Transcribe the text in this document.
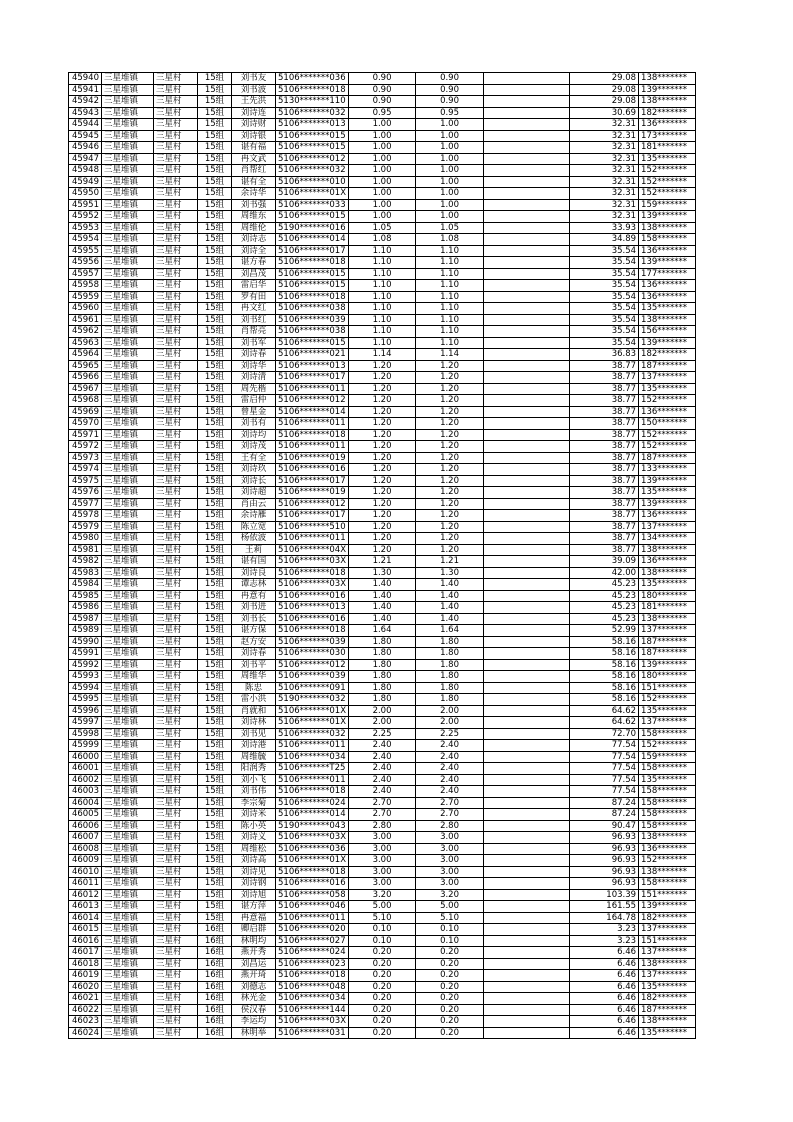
45940	三星堆镇	三星村	15组	刘书友	5106*******036	0.90	0.90		29.08	138*******
45941	三星堆镇	三星村	15组	刘书波	5106*******018	0.90	0.90		29.08	139*******
45942	三星堆镇	三星村	15组	王先洪	5130*******110	0.90	0.90		29.08	138*******
45943	三星堆镇	三星村	15组	刘诗连	5106*******032	0.95	0.95		30.69	182*******
45944	三星堆镇	三星村	15组	刘诗财	5106*******013	1.00	1.00		32.31	136*******
45945	三星堆镇	三星村	15组	刘诗银	5106*******015	1.00	1.00		32.31	173*******
45946	三星堆镇	三星村	15组	谌有福	5106*******015	1.00	1.00		32.31	181*******
45947	三星堆镇	三星村	15组	冉文武	5106*******012	1.00	1.00		32.31	135*******
45948	三星堆镇	三星村	15组	肖帮红	5106*******032	1.00	1.00		32.31	152*******
45949	三星堆镇	三星村	15组	谌有全	5106*******010	1.00	1.00		32.31	152*******
45950	三星堆镇	三星村	15组	余诗华	5106*******01X	1.00	1.00		32.31	152*******
45951	三星堆镇	三星村	15组	刘书强	5106*******033	1.00	1.00		32.31	159*******
45952	三星堆镇	三星村	15组	周维东	5106*******015	1.00	1.00		32.31	139*******
45953	三星堆镇	三星村	15组	周维伦	5190*******016	1.05	1.05		33.93	138*******
45954	三星堆镇	三星村	15组	刘诗志	5106*******014	1.08	1.08		34.89	158*******
45955	三星堆镇	三星村	15组	刘诗全	5106*******017	1.10	1.10		35.54	136*******
45956	三星堆镇	三星村	15组	谌方春	5106*******018	1.10	1.10		35.54	139*******
45957	三星堆镇	三星村	15组	刘昌茂	5106*******015	1.10	1.10		35.54	177*******
45958	三星堆镇	三星村	15组	雷启华	5106*******015	1.10	1.10		35.54	136*******
45959	三星堆镇	三星村	15组	罗有田	5106*******018	1.10	1.10		35.54	136*******
45960	三星堆镇	三星村	15组	冉文红	5106*******038	1.10	1.10		35.54	135*******
45961	三星堆镇	三星村	15组	刘书红	5106*******039	1.10	1.10		35.54	138*******
45962	三星堆镇	三星村	15组	肖帮亮	5106*******038	1.10	1.10		35.54	156*******
45963	三星堆镇	三星村	15组	刘书军	5106*******015	1.10	1.10		35.54	139*******
45964	三星堆镇	三星村	15组	刘诗春	5106*******021	1.14	1.14		36.83	182*******
45965	三星堆镇	三星村	15组	刘诗华	5106*******013	1.20	1.20		38.77	187*******
45966	三星堆镇	三星村	15组	刘诗清	5106*******017	1.20	1.20		38.77	137*******
45967	三星堆镇	三星村	15组	周先楷	5106*******011	1.20	1.20		38.77	135*******
45968	三星堆镇	三星村	15组	雷启仲	5106*******012	1.20	1.20		38.77	152*******
45969	三星堆镇	三星村	15组	曾星金	5106*******014	1.20	1.20		38.77	136*******
45970	三星堆镇	三星村	15组	刘书有	5106*******011	1.20	1.20		38.77	150*******
45971	三星堆镇	三星村	15组	刘诗均	5106*******018	1.20	1.20		38.77	152*******
45972	三星堆镇	三星村	15组	刘诗茂	5106*******011	1.20	1.20		38.77	152*******
45973	三星堆镇	三星村	15组	王有全	5106*******019	1.20	1.20		38.77	187*******
45974	三星堆镇	三星村	15组	刘诗玖	5106*******016	1.20	1.20		38.77	133*******
45975	三星堆镇	三星村	15组	刘诗长	5106*******017	1.20	1.20		38.77	139*******
45976	三星堆镇	三星村	15组	刘诗超	5106*******019	1.20	1.20		38.77	135*******
45977	三星堆镇	三星村	15组	肖由云	5106*******012	1.20	1.20		38.77	139*******
45978	三星堆镇	三星村	15组	余诗雁	5106*******017	1.20	1.20		38.77	136*******
45979	三星堆镇	三星村	15组	陈立宽	5106*******510	1.20	1.20		38.77	137*******
45980	三星堆镇	三星村	15组	杨依波	5106*******011	1.20	1.20		38.77	134*******
45981	三星堆镇	三星村	15组	王莉	5106*******04X	1.20	1.20		38.77	138*******
45982	三星堆镇	三星村	15组	谌有国	5106*******03X	1.21	1.21		39.09	136*******
45983	三星堆镇	三星村	15组	刘诗良	5106*******018	1.30	1.30		42.00	138*******
45984	三星堆镇	三星村	15组	谭志林	5106*******03X	1.40	1.40		45.23	135*******
45985	三星堆镇	三星村	15组	冉意有	5106*******016	1.40	1.40		45.23	180*******
45986	三星堆镇	三星村	15组	刘书进	5106*******013	1.40	1.40		45.23	181*******
45987	三星堆镇	三星村	15组	刘书长	5106*******016	1.40	1.40		45.23	138*******
45989	三星堆镇	三星村	15组	谌方保	5106*******018	1.64	1.64		52.99	137*******
45990	三星堆镇	三星村	15组	赵方安	5106*******039	1.80	1.80		58.16	187*******
45991	三星堆镇	三星村	15组	刘诗春	5106*******030	1.80	1.80		58.16	187*******
45992	三星堆镇	三星村	15组	刘书平	5106*******012	1.80	1.80		58.16	139*******
45993	三星堆镇	三星村	15组	周维华	5106*******039	1.80	1.80		58.16	180*******
45994	三星堆镇	三星村	15组	陈忠	5106*******091	1.80	1.80		58.16	151*******
45995	三星堆镇	三星村	15组	雷小洪	5190*******032	1.80	1.80		58.16	152*******
45996	三星堆镇	三星村	15组	肖就和	5106*******01X	2.00	2.00		64.62	135*******
45997	三星堆镇	三星村	15组	刘诗林	5106*******01X	2.00	2.00		64.62	137*******
45998	三星堆镇	三星村	15组	刘书见	5106*******032	2.25	2.25		72.70	158*******
45999	三星堆镇	三星村	15组	刘诗港	5106*******011	2.40	2.40		77.54	152*******
46000	三星堆镇	三星村	15组	周维毓	5106*******034	2.40	2.40		77.54	159*******
46001	三星堆镇	三星村	15组	阳润秀	5106*******T25	2.40	2.40		77.54	158*******
46002	三星堆镇	三星村	15组	刘小飞	5106*******011	2.40	2.40		77.54	135*******
46003	三星堆镇	三星村	15组	刘书伟	5106*******018	2.40	2.40		77.54	158*******
46004	三星堆镇	三星村	15组	李宗菊	5106*******024	2.70	2.70		87.24	158*******
46005	三星堆镇	三星村	15组	刘诗米	5106*******014	2.70	2.70		87.24	158*******
46006	三星堆镇	三星村	15组	陈小英	5190*******043	2.80	2.80		90.47	158*******
46007	三星堆镇	三星村	15组	刘诗义	5106*******03X	3.00	3.00		96.93	138*******
46008	三星堆镇	三星村	15组	周维松	5106*******036	3.00	3.00		96.93	136*******
46009	三星堆镇	三星村	15组	刘诗高	5106*******01X	3.00	3.00		96.93	152*******
46010	三星堆镇	三星村	15组	刘诗见	5106*******018	3.00	3.00		96.93	138*******
46011	三星堆镇	三星村	15组	刘诗钢	5106*******016	3.00	3.00		96.93	158*******
46012	三星堆镇	三星村	15组	刘诗旭	5106*******058	3.20	3.20		103.39	151*******
46013	三星堆镇	三星村	15组	谌方萍	5106*******046	5.00	5.00		161.55	139*******
46014	三星堆镇	三星村	15组	冉意福	5106*******011	5.10	5.10		164.78	182*******
46015	三星堆镇	三星村	16组	卿启群	5106*******020	0.10	0.10		3.23	137*******
46016	三星堆镇	三星村	16组	林明均	5106*******027	0.10	0.10		3.23	151*******
46017	三星堆镇	三星村	16组	燕开秀	5106*******024	0.20	0.20		6.46	137*******
46018	三星堆镇	三星村	16组	刘昌运	5106*******023	0.20	0.20		6.46	138*******
46019	三星堆镇	三星村	16组	燕开琦	5106*******018	0.20	0.20		6.46	137*******
46020	三星堆镇	三星村	16组	刘德志	5106*******048	0.20	0.20		6.46	135*******
46021	三星堆镇	三星村	16组	林光金	5106*******034	0.20	0.20		6.46	182*******
46022	三星堆镇	三星村	16组	侯汉春	5106*******144	0.20	0.20		6.46	187*******
46023	三星堆镇	三星村	16组	李运均	5106*******03X	0.20	0.20		6.46	138*******
46024	三星堆镇	三星村	16组	林明举	5106*******031	0.20	0.20		6.46	135*******
